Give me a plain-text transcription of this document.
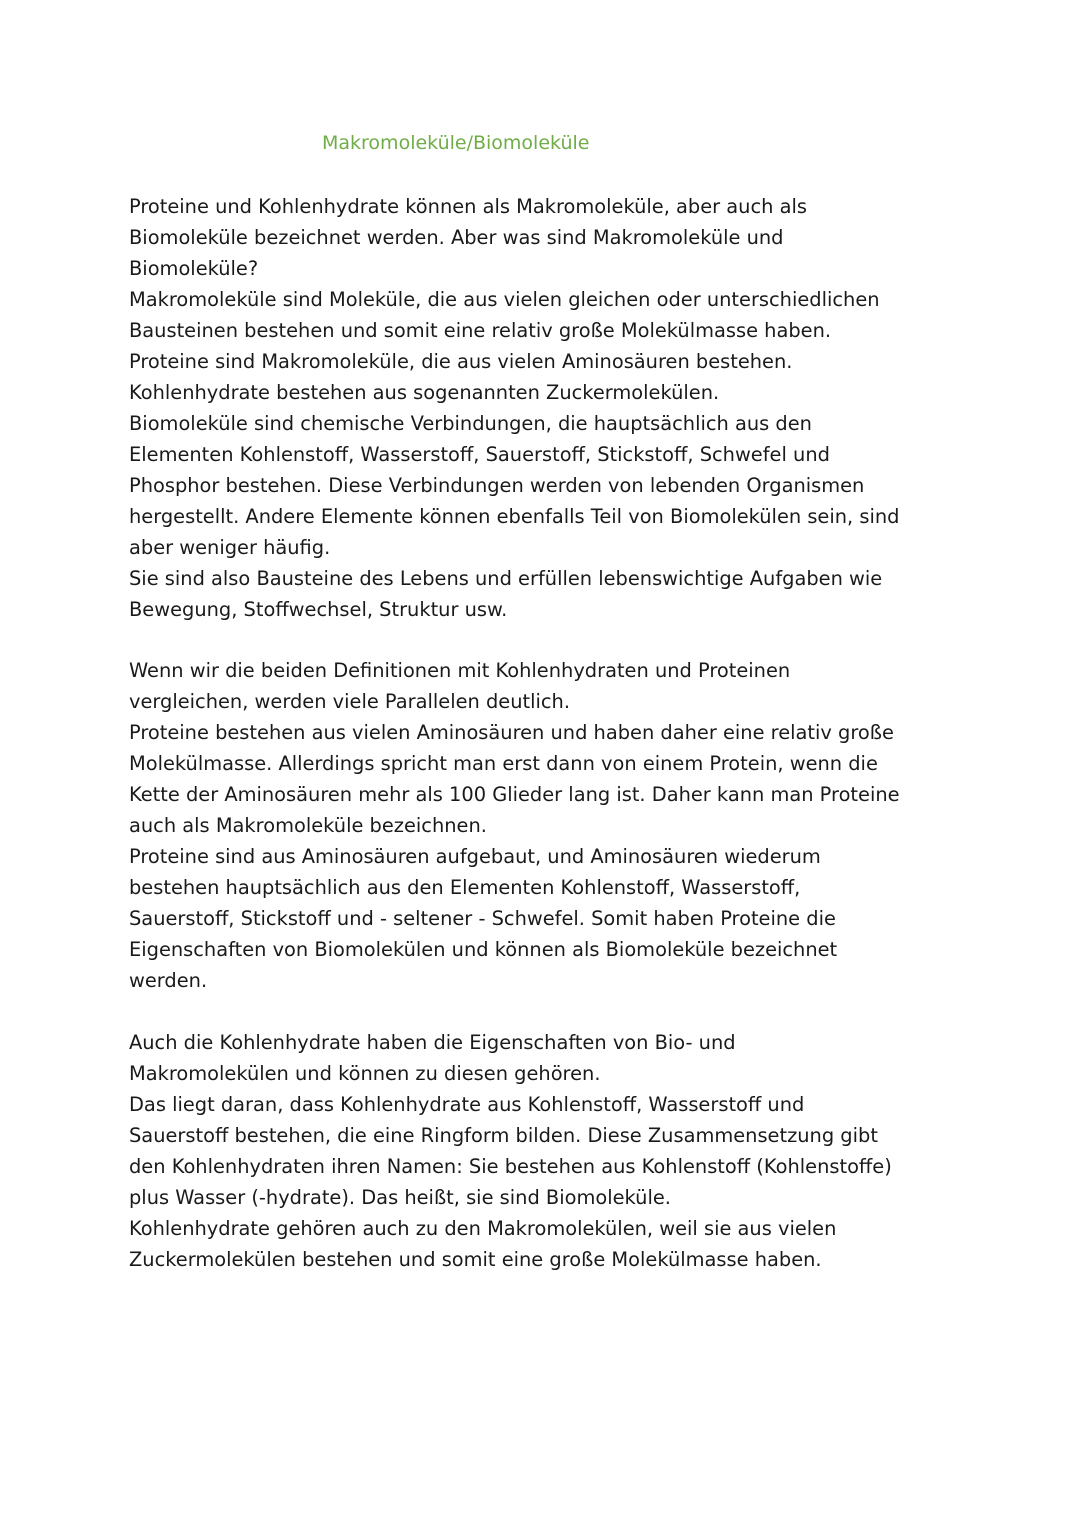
Makromoleküle/Biomoleküle
Proteine und Kohlenhydrate können als Makromoleküle, aber auch als
Biomoleküle bezeichnet werden. Aber was sind Makromoleküle und
Biomoleküle?
Makromoleküle sind Moleküle, die aus vielen gleichen oder unterschiedlichen
Bausteinen bestehen und somit eine relativ große Molekülmasse haben.
Proteine sind Makromoleküle, die aus vielen Aminosäuren bestehen.
Kohlenhydrate bestehen aus sogenannten Zuckermolekülen.
Biomoleküle sind chemische Verbindungen, die hauptsächlich aus den
Elementen Kohlenstoff, Wasserstoff, Sauerstoff, Stickstoff, Schwefel und
Phosphor bestehen. Diese Verbindungen werden von lebenden Organismen
hergestellt. Andere Elemente können ebenfalls Teil von Biomolekülen sein, sind
aber weniger häufig.
Sie sind also Bausteine des Lebens und erfüllen lebenswichtige Aufgaben wie
Bewegung, Stoffwechsel, Struktur usw.
Wenn wir die beiden Definitionen mit Kohlenhydraten und Proteinen
vergleichen, werden viele Parallelen deutlich.
Proteine bestehen aus vielen Aminosäuren und haben daher eine relativ große
Molekülmasse. Allerdings spricht man erst dann von einem Protein, wenn die
Kette der Aminosäuren mehr als 100 Glieder lang ist. Daher kann man Proteine
auch als Makromoleküle bezeichnen.
Proteine sind aus Aminosäuren aufgebaut, und Aminosäuren wiederum
bestehen hauptsächlich aus den Elementen Kohlenstoff, Wasserstoff,
Sauerstoff, Stickstoff und - seltener - Schwefel. Somit haben Proteine die
Eigenschaften von Biomolekülen und können als Biomoleküle bezeichnet
werden.
Auch die Kohlenhydrate haben die Eigenschaften von Bio- und
Makromolekülen und können zu diesen gehören.
Das liegt daran, dass Kohlenhydrate aus Kohlenstoff, Wasserstoff und
Sauerstoff bestehen, die eine Ringform bilden. Diese Zusammensetzung gibt
den Kohlenhydraten ihren Namen: Sie bestehen aus Kohlenstoff (Kohlenstoffe)
plus Wasser (-hydrate). Das heißt, sie sind Biomoleküle.
Kohlenhydrate gehören auch zu den Makromolekülen, weil sie aus vielen
Zuckermolekülen bestehen und somit eine große Molekülmasse haben.
